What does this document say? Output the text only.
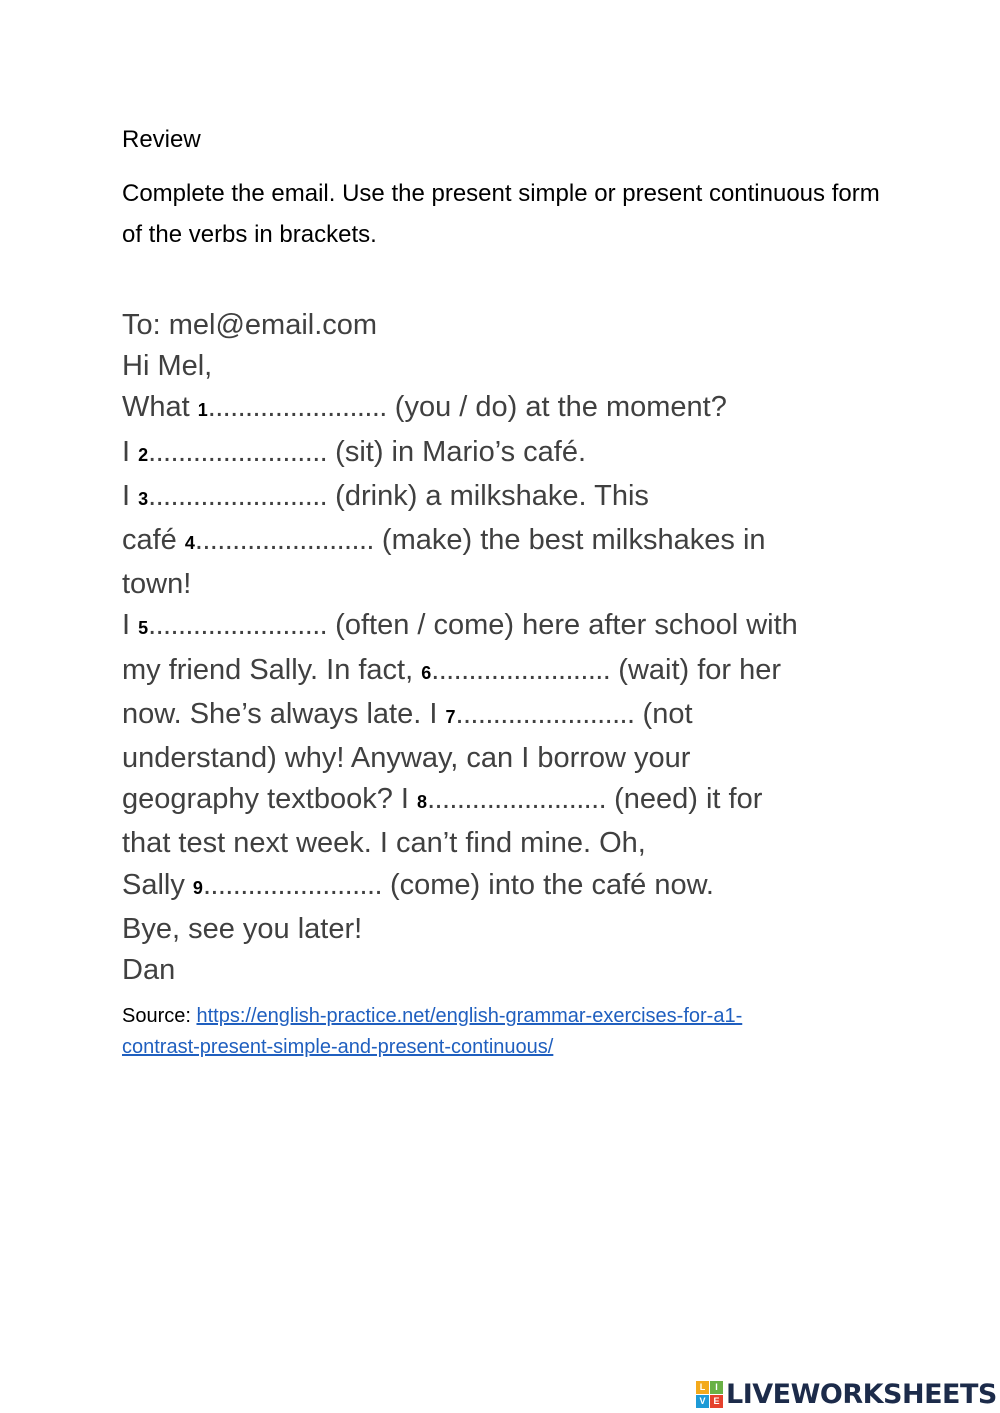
Review

Complete the email. Use the present simple or present continuous form of the verbs in brackets.

To: mel@email.com
Hi Mel,
What 1........................ (you / do) at the moment?
I 2........................ (sit) in Mario’s café.
I 3........................ (drink) a milkshake. This
café 4........................ (make) the best milkshakes in
town!
I 5........................ (often / come) here after school with
my friend Sally. In fact, 6........................ (wait) for her
now. She’s always late. I 7........................ (not
understand) why! Anyway, can I borrow your
geography textbook? I 8........................ (need) it for
that test next week. I can’t find mine. Oh,
Sally 9........................ (come) into the café now.
Bye, see you later!
Dan

Source: https://english-practice.net/english-grammar-exercises-for-a1-
contrast-present-simple-and-present-continuous/

L	I
V E LIVEWORKSHEETS
